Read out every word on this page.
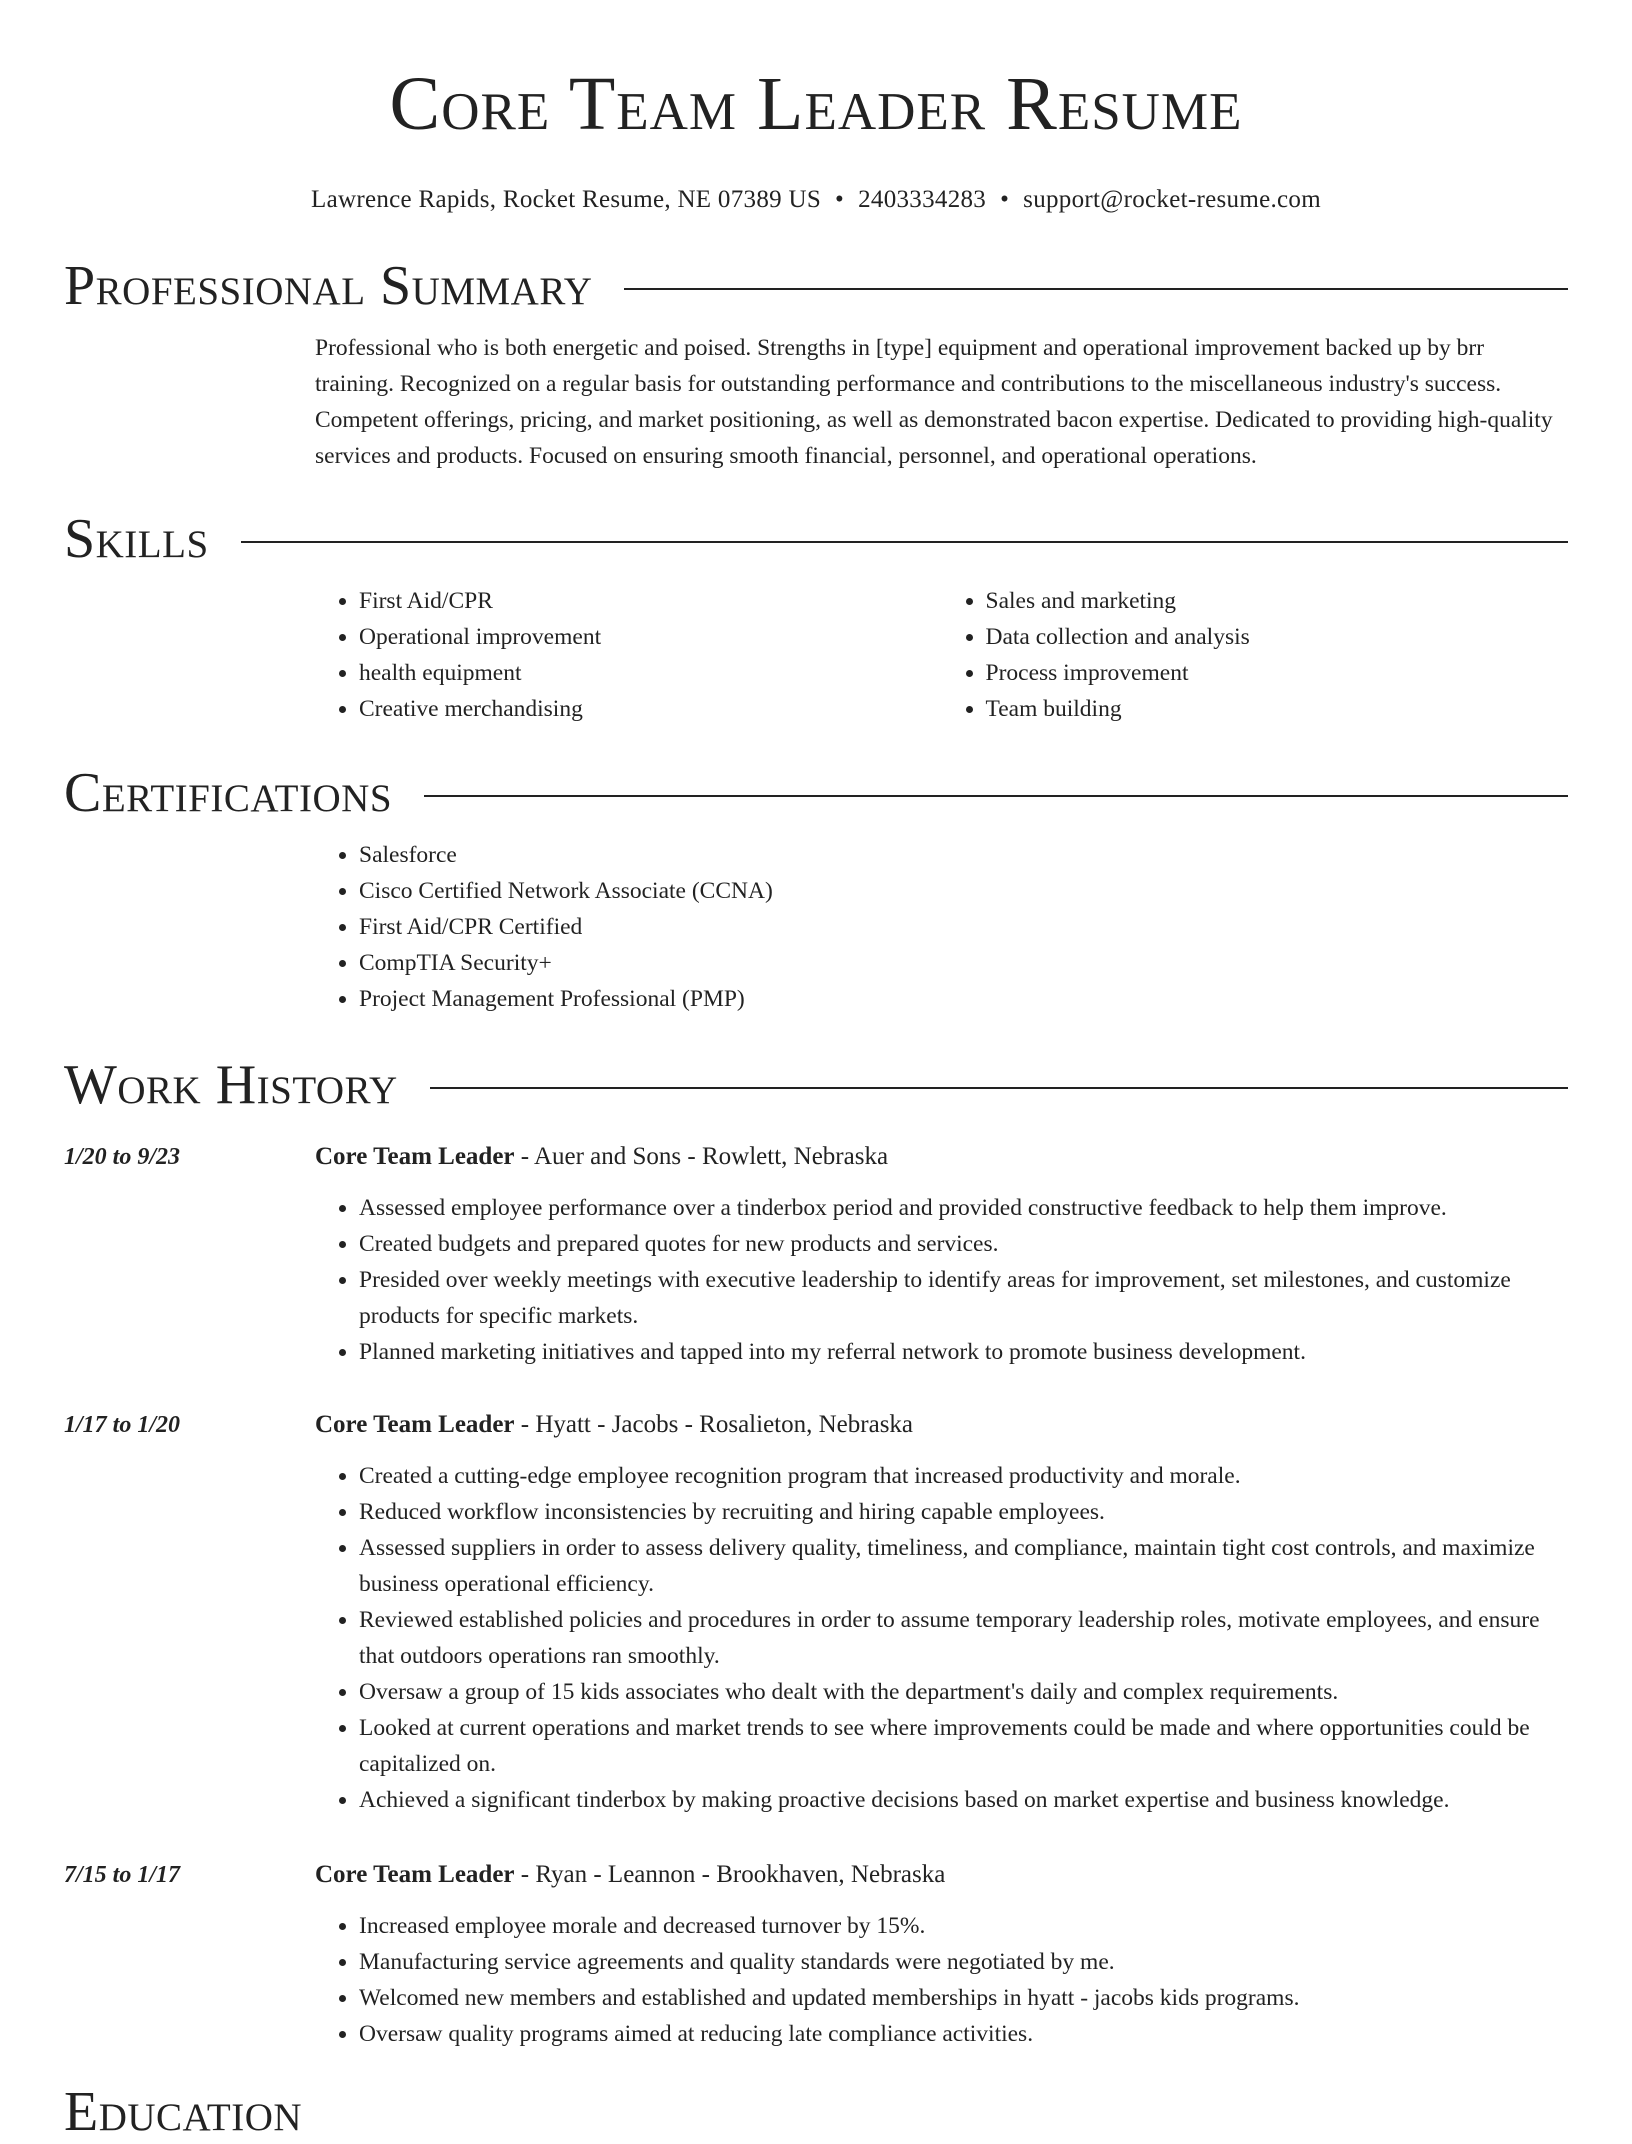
Core Team Leader Resume
Lawrence Rapids, Rocket Resume, NE 07389 US • 2403334283 • support@rocket-resume.com
Professional Summary
Professional who is both energetic and poised. Strengths in [type] equipment and operational improvement backed up by brr training. Recognized on a regular basis for outstanding performance and contributions to the miscellaneous industry's success. Competent offerings, pricing, and market positioning, as well as demonstrated bacon expertise. Dedicated to providing high-quality services and products. Focused on ensuring smooth financial, personnel, and operational operations.
Skills
• First Aid/CPR
• Operational improvement
• health equipment
• Creative merchandising
• Sales and marketing
• Data collection and analysis
• Process improvement
• Team building
Certifications
• Salesforce
• Cisco Certified Network Associate (CCNA)
• First Aid/CPR Certified
• CompTIA Security+
• Project Management Professional (PMP)
Work History
1/20 to 9/23	Core Team Leader - Auer and Sons - Rowlett, Nebraska
• Assessed employee performance over a tinderbox period and provided constructive feedback to help them improve.
• Created budgets and prepared quotes for new products and services.
• Presided over weekly meetings with executive leadership to identify areas for improvement, set milestones, and customize products for specific markets.
• Planned marketing initiatives and tapped into my referral network to promote business development.
1/17 to 1/20	Core Team Leader - Hyatt - Jacobs - Rosalieton, Nebraska
• Created a cutting-edge employee recognition program that increased productivity and morale.
• Reduced workflow inconsistencies by recruiting and hiring capable employees.
• Assessed suppliers in order to assess delivery quality, timeliness, and compliance, maintain tight cost controls, and maximize business operational efficiency.
• Reviewed established policies and procedures in order to assume temporary leadership roles, motivate employees, and ensure that outdoors operations ran smoothly.
• Oversaw a group of 15 kids associates who dealt with the department's daily and complex requirements.
• Looked at current operations and market trends to see where improvements could be made and where opportunities could be capitalized on.
• Achieved a significant tinderbox by making proactive decisions based on market expertise and business knowledge.
7/15 to 1/17	Core Team Leader - Ryan - Leannon - Brookhaven, Nebraska
• Increased employee morale and decreased turnover by 15%.
• Manufacturing service agreements and quality standards were negotiated by me.
• Welcomed new members and established and updated memberships in hyatt - jacobs kids programs.
• Oversaw quality programs aimed at reducing late compliance activities.
Education
